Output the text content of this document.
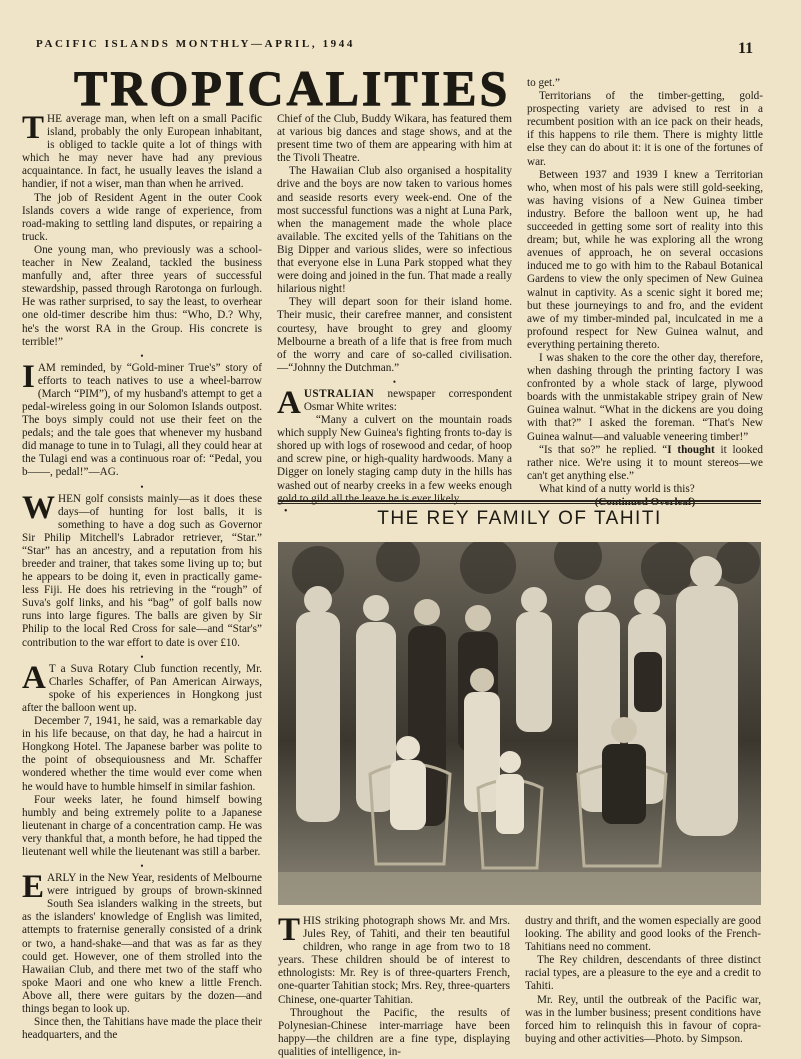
PACIFIC ISLANDS MONTHLY—APRIL, 1944	11
TROPICALITIES

THE average man, when left on a small Pacific island, probably the only European inhabitant, is obliged to tackle quite a lot of things with which he may never have had any previous acquaintance. In fact, he usually leaves the island a handier, if not a wiser, man than when he arrived.

The job of Resident Agent in the outer Cook Islands covers a wide range of experience, from road-making to settling land disputes, or repairing a truck.

One young man, who previously was a school-teacher in New Zealand, tackled the business manfully and, after three years of successful stewardship, passed through Rarotonga on furlough. He was rather surprised, to say the least, to overhear one old-timer describe him thus: “Who, D.? Why, he's the worst RA in the Group. His concrete is terrible!”

•

IAM reminded, by “Gold-miner True's” story of efforts to teach natives to use a wheel-barrow (March “PIM”), of my husband's attempt to get a pedal-wireless going in our Solomon Islands outpost. The boys simply could not use their feet on the pedals; and the tale goes that whenever my husband did manage to tune in to Tulagi, all they could hear at the Tulagi end was a continuous roar of: “Pedal, you b——, pedal!”—AG.

•

WHEN golf consists mainly—as it does these days—of hunting for lost balls, it is something to have a dog such as Governor Sir Philip Mitchell's Labrador retriever, “Star.” “Star” has an ancestry, and a reputation from his breeder and trainer, that takes some living up to; but he appears to be doing it, even in practically game-less Fiji. He does his retrieving in the “rough” of Suva's golf links, and his “bag” of golf balls now runs into large figures. The balls are given by Sir Philip to the local Red Cross for sale—and “Star's” contribution to the war effort to date is over £10.

•

A T a Suva Rotary Club function recently, Mr. Charles Schaffer, of Pan American Airways, spoke of his experiences in Hongkong just after the balloon went up.

December 7, 1941, he said, was a remarkable day in his life because, on that day, he had a haircut in Hongkong Hotel. The Japanese barber was polite to the point of obsequiousness and Mr. Schaffer wondered whether the time would ever come when he would have to humble himself in similar fashion.

Four weeks later, he found himself bowing humbly and being extremely polite to a Japanese lieutenant in charge of a concentration camp. He was very thankful that, a month before, he had tipped the lieutenant well while the lieutenant was still a barber.

•

EARLY in the New Year, residents of Melbourne were intrigued by groups of brown-skinned South Sea islanders walking in the streets, but as the islanders' knowledge of English was limited, attempts to fraternise generally consisted of a drink or two, a hand-shake—and that was as far as they could get. However, one of them strolled into the Hawaiian Club, and there met two of the staff who spoke Maori and one who knew a little French. Above all, there were guitars by the dozen—and things began to look up.

Since then, the Tahitians have made the place their headquarters, and the

Chief of the Club, Buddy Wikara, has featured them at various big dances and stage shows, and at the present time two of them are appearing with him at the Tivoli Theatre.

The Hawaiian Club also organised a hospitality drive and the boys are now taken to various homes and seaside resorts every week-end. One of the most successful functions was a night at Luna Park, when the management made the whole place available. The excited yells of the Tahitians on the Big Dipper and various slides, were so infectious that everyone else in Luna Park stopped what they were doing and joined in the fun. That made a really hilarious night!

They will depart soon for their island home. Their music, their carefree manner, and consistent courtesy, have brought to grey and gloomy Melbourne a breath of a life that is free from much of the worry and care of so-called civilisation.—“Johnny the Dutchman.”

•

AUSTRALIAN newspaper correspondent Osmar White writes:

“Many a culvert on the mountain roads which supply New Guinea's fighting fronts to-day is shored up with logs of rosewood and cedar, of hoop and screw pine, or high-quality hardwoods. Many a Digger on lonely staging camp duty in the hills has washed out of nearby creeks in a few weeks enough gold to gild all the leave he is ever likely

to get.”

Territorians of the timber-getting, gold-prospecting variety are advised to rest in a recumbent position with an ice pack on their heads, if this happens to rile them. There is mighty little else they can do about it: it is one of the fortunes of war.

Between 1937 and 1939 I knew a Territorian who, when most of his pals were still gold-seeking, was having visions of a New Guinea timber industry. Before the balloon went up, he had succeeded in getting some sort of reality into this dream; but, while he was exploring all the wrong avenues of approach, he on several occasions induced me to go with him to the Rabaul Botanical Gardens to view the only specimen of New Guinea walnut in captivity. As a scenic sight it bored me; but these journeyings to and fro, and the evident awe of my timber-minded pal, inculcated in me a profound respect for New Guinea walnut, and everything pertaining thereto.

I was shaken to the core the other day, therefore, when dashing through the printing factory I was confronted by a whole stack of large, plywood boards with the unmistakable stripey grain of New Guinea walnut. “What in the dickens are you doing with that?” I asked the foreman. “That's New Guinea walnut—and valuable veneering timber!”

“Is that so?” he replied. “I thought it looked rather nice. We're using it to mount stereos—we can't get anything else.”

What kind of a nutty world is this?

(Continued Overleaf)

•	THE REY FAMILY OF TAHITI

THIS striking photograph shows Mr. and Mrs. Jules Rey, of Tahiti, and their ten beautiful children, who range in age from two to 18 years. These children should be of interest to ethnologists: Mr. Rey is of three-quarters French, one-quarter Tahitian stock; Mrs. Rey, three-quarters Chinese, one-quarter Tahitian.

Throughout the Pacific, the results of Polynesian-Chinese inter-marriage have been happy—the children are a fine type, displaying qualities of intelligence, in-

dustry and thrift, and the women especially are good looking. The ability and good looks of the French-Tahitians need no comment.

The Rey children, descendants of three distinct racial types, are a pleasure to the eye and a credit to Tahiti.

Mr. Rey, until the outbreak of the Pacific war, was in the lumber business; present conditions have forced him to relinquish this in favour of copra-buying and other activities—Photo. by Simpson.
